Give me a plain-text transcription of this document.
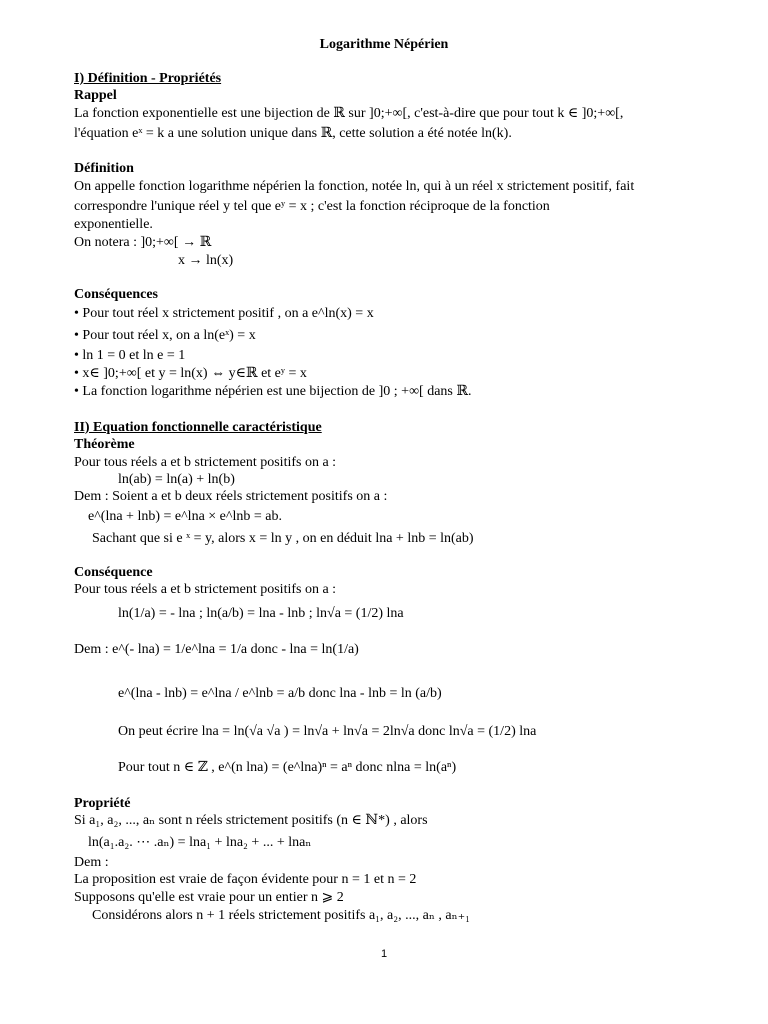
Logarithme Népérien
I) Définition - Propriétés
Rappel
La fonction exponentielle est une bijection de ℝ sur ]0;+∞[, c'est-à-dire que pour tout k ∈ ]0;+∞[,
l'équation eˣ = k a une solution unique dans ℝ, cette solution a été notée ln(k).
Définition
On appelle fonction logarithme népérien la fonction, notée ln, qui à un réel x strictement positif, fait
correspondre l'unique réel y tel que eʸ = x ; c'est la fonction réciproque de la fonction
exponentielle.
On notera : ]0;+∞[ → ℝ
x → ln(x)
Conséquences
• Pour tout réel x strictement positif , on a e^ln(x) = x
• Pour tout réel x, on a ln(eˣ) = x
• ln 1 = 0 et ln e = 1
• x∈ ]0;+∞[ et y = ln(x) ⇔ y∈ℝ et eʸ = x
• La fonction logarithme népérien est une bijection de ]0 ; +∞[ dans ℝ.
II) Equation fonctionnelle caractéristique
Théorème
Pour tous réels a et b strictement positifs on a :
ln(ab) = ln(a) + ln(b)
Dem : Soient a et b deux réels strictement positifs on a :
e^(lna + lnb) = e^lna × e^lnb = ab.
Sachant que si e ˣ = y, alors x = ln y , on en déduit lna + lnb = ln(ab)
Conséquence
Pour tous réels a et b strictement positifs on a :
ln(1/a) = - lna ; ln(a/b) = lna - lnb ; ln√a = (1/2) lna
Dem : e^(- lna) = 1/e^lna = 1/a donc - lna = ln(1/a)
e^(lna - lnb) = e^lna / e^lnb = a/b donc lna - lnb = ln (a/b)
On peut écrire lna = ln(√a √a ) = ln√a + ln√a = 2ln√a donc ln√a = (1/2) lna
Pour tout n ∈ ℤ , e^(n lna) = (e^lna)ⁿ = aⁿ donc nlna = ln(aⁿ)
Propriété
Si a₁, a₂, ..., aₙ sont n réels strictement positifs (n ∈ ℕ*) , alors
ln(a₁.a₂. ⋯ .aₙ) = lna₁ + lna₂ + ... + lnaₙ
Dem :
La proposition est vraie de façon évidente pour n = 1 et n = 2
Supposons qu'elle est vraie pour un entier n ⩾ 2
Considérons alors n + 1 réels strictement positifs a₁, a₂, ..., aₙ , aₙ₊₁
1
